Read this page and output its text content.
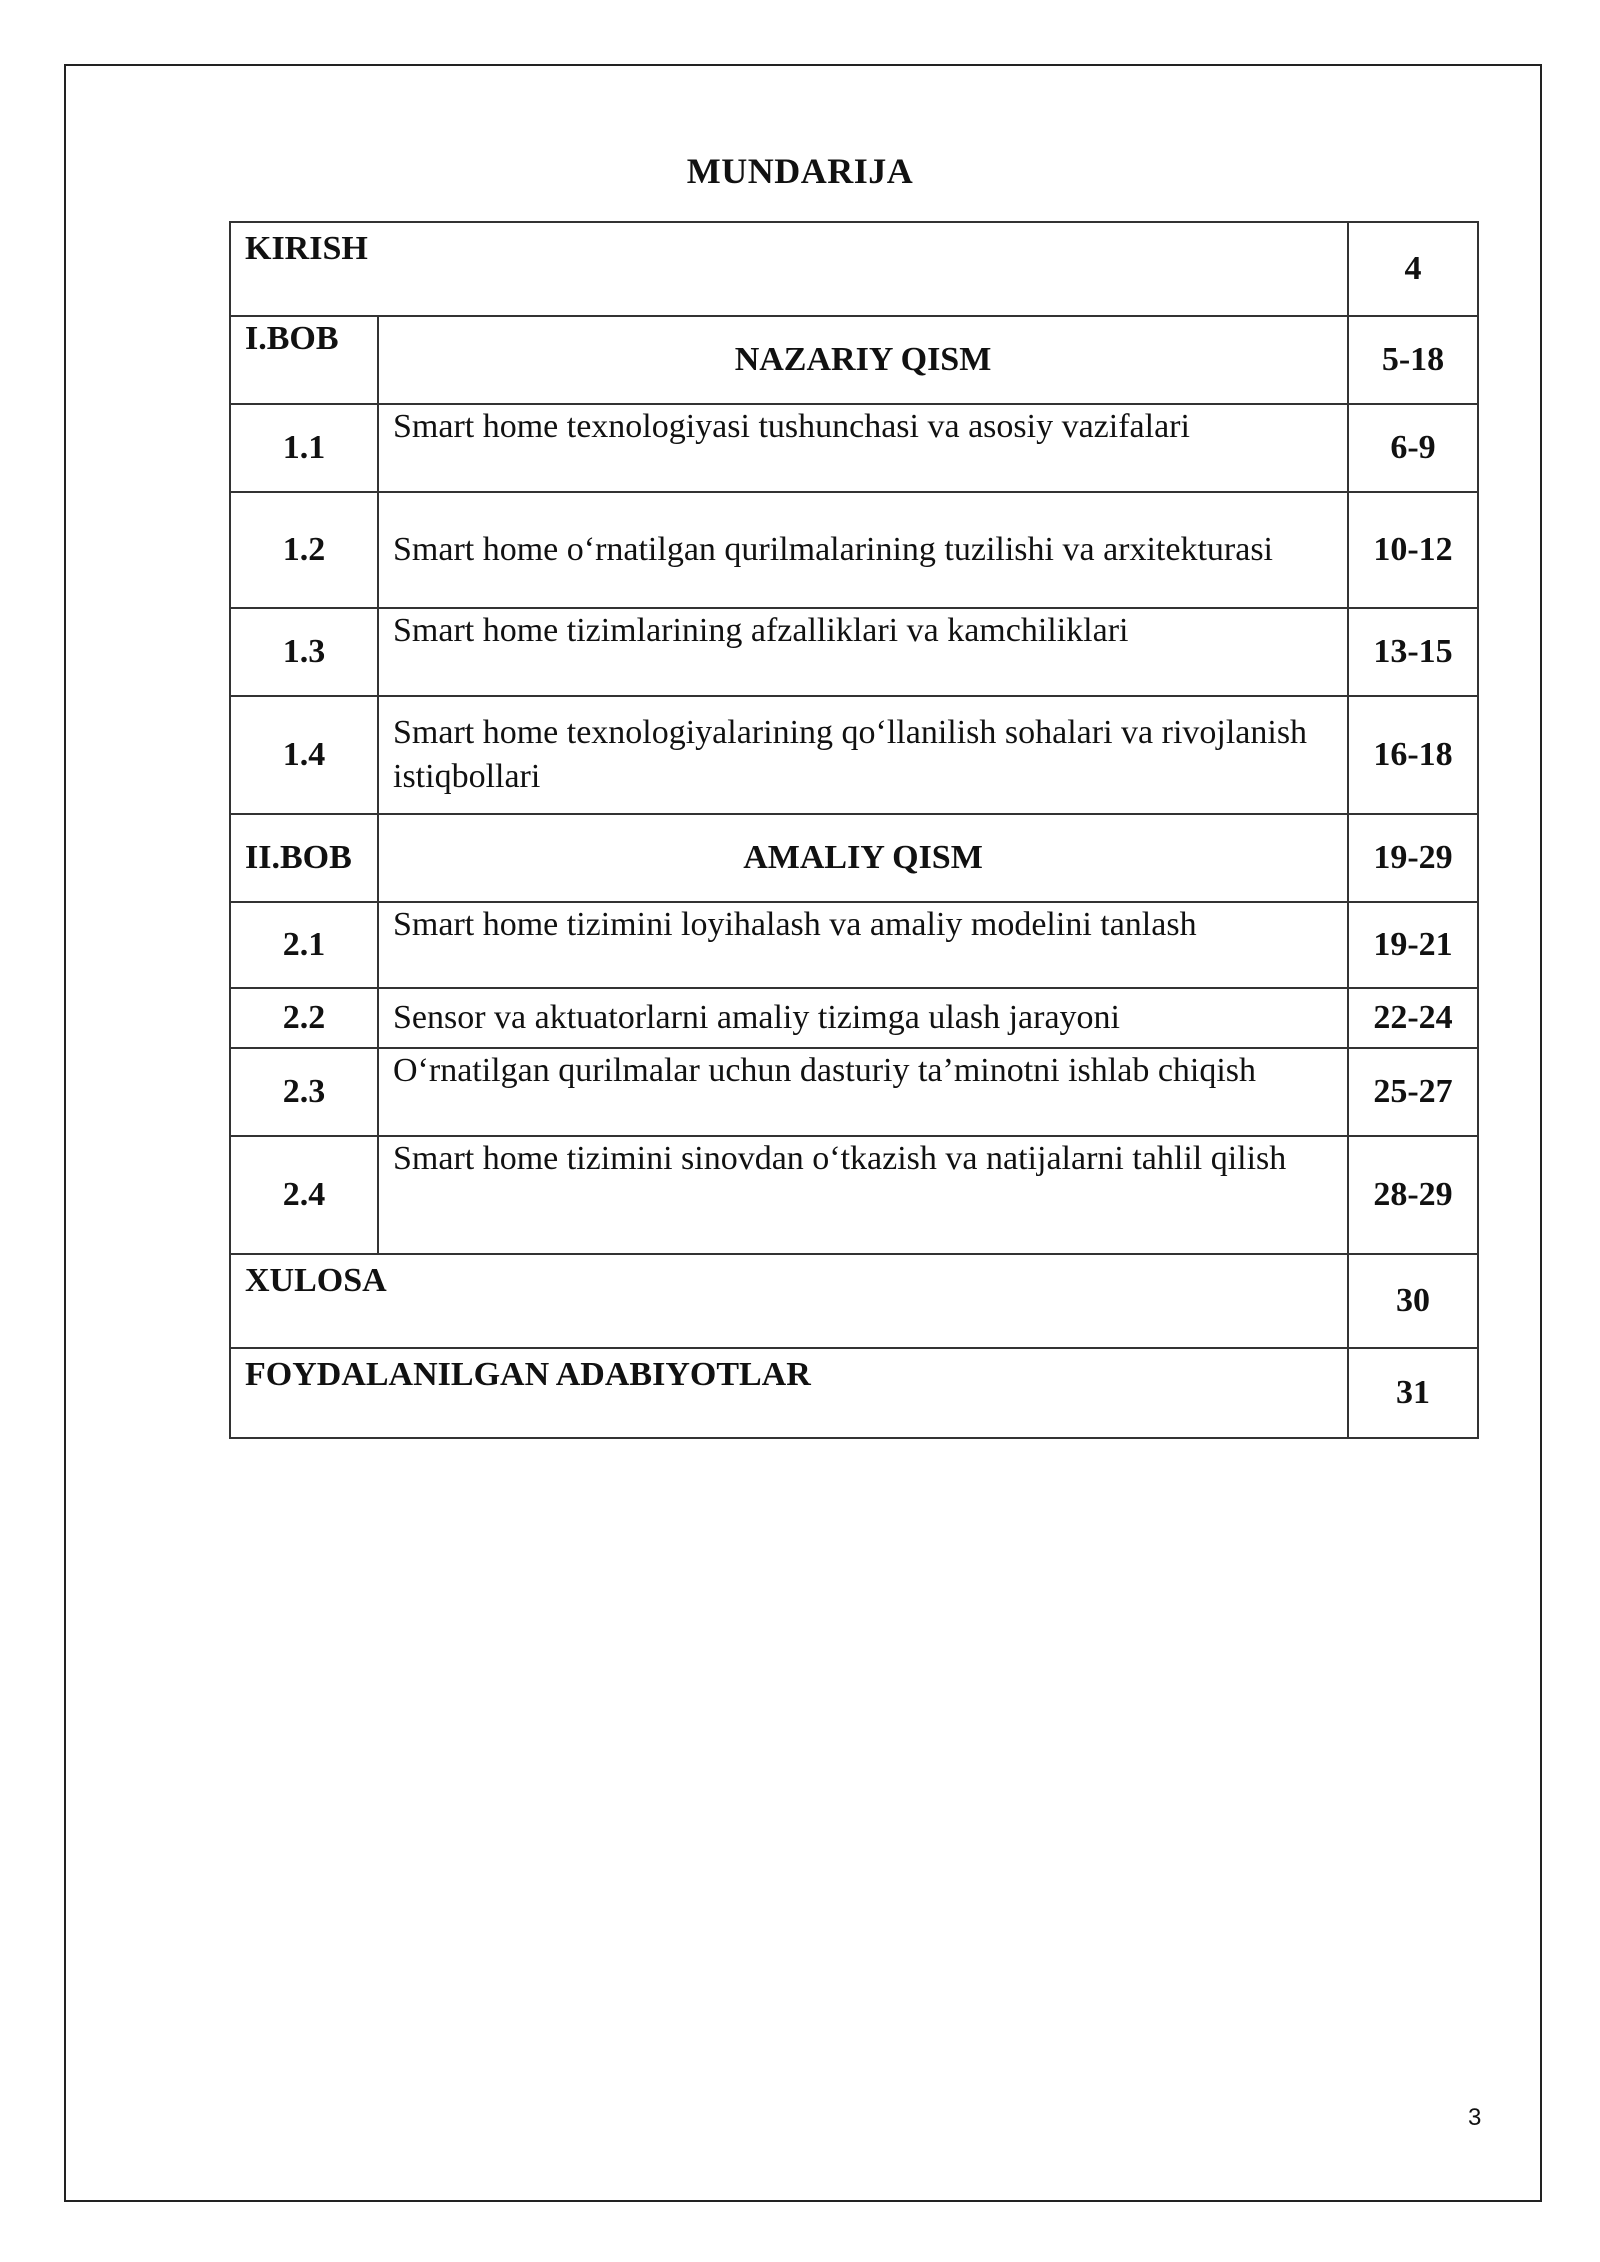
MUNDARIJA
KIRISH		4
I.BOB	NAZARIY QISM	5-18
1.1	Smart home texnologiyasi tushunchasi va asosiy vazifalari	6-9
1.2	Smart home o‘rnatilgan qurilmalarining tuzilishi va arxitekturasi	10-12
1.3	Smart home tizimlarining afzalliklari va kamchiliklari	13-15
1.4	Smart home texnologiyalarining qo‘llanilish sohalari va rivojlanish istiqbollari	16-18
II.BOB	AMALIY QISM	19-29
2.1	Smart home tizimini loyihalash va amaliy modelini tanlash	19-21
2.2	Sensor va aktuatorlarni amaliy tizimga ulash jarayoni	22-24
2.3	O‘rnatilgan qurilmalar uchun dasturiy ta’minotni ishlab chiqish	25-27
2.4	Smart home tizimini sinovdan o‘tkazish va natijalarni tahlil qilish	28-29
XULOSA		30
FOYDALANILGAN ADABIYOTLAR		31
3
